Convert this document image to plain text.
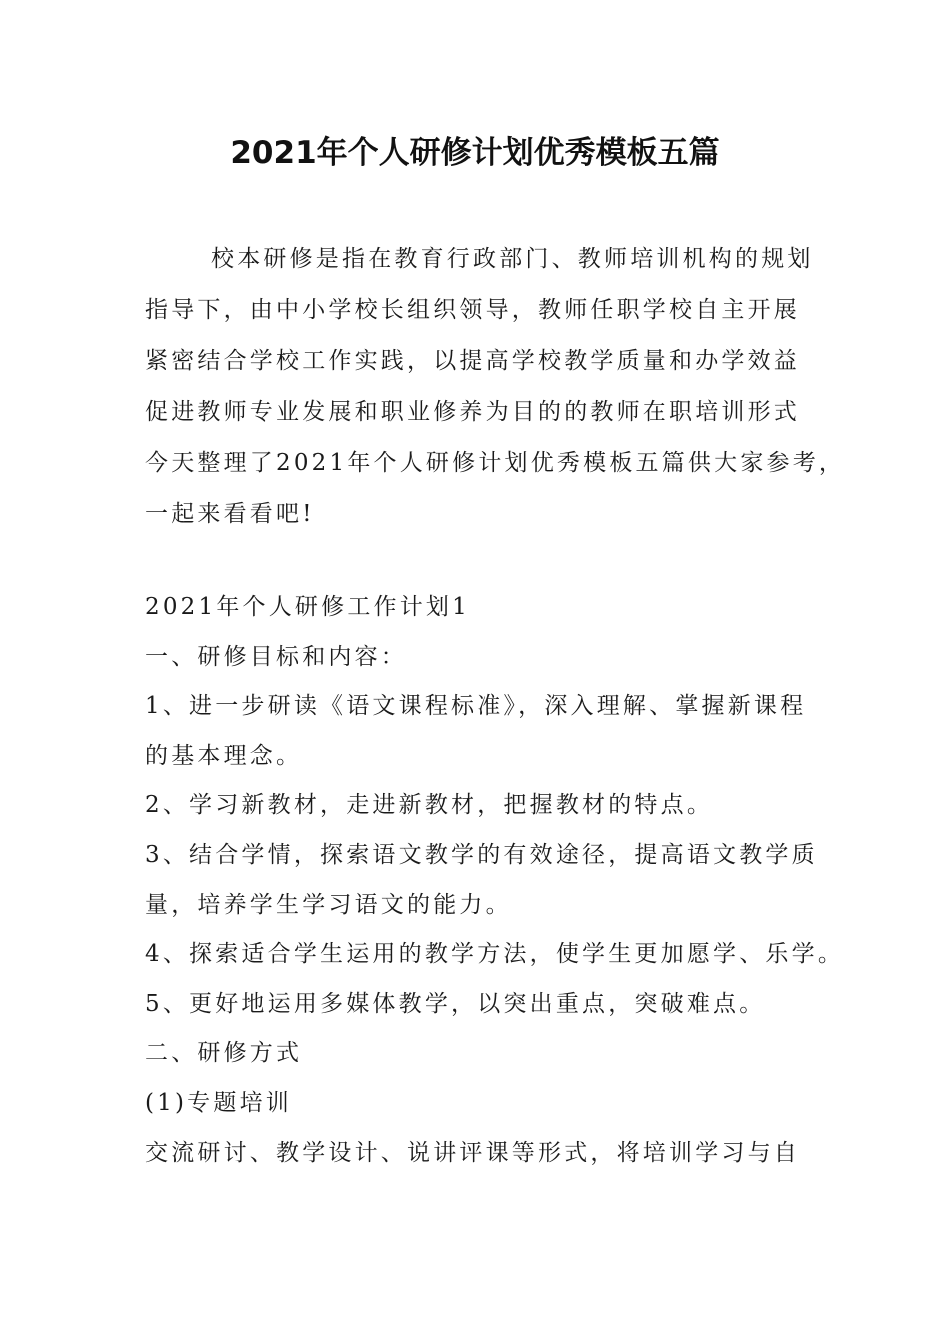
2021年个人研修计划优秀模板五篇
校本研修是指在教育行政部门、教师培训机构的规划
指导下，由中小学校长组织领导，教师任职学校自主开展
紧密结合学校工作实践，以提高学校教学质量和办学效益
促进教师专业发展和职业修养为目的的教师在职培训形式
今天整理了2021年个人研修计划优秀模板五篇供大家参考，
一起来看看吧!
2021年个人研修工作计划1
一、研修目标和内容：
1、进一步研读《语文课程标准》，深入理解、掌握新课程
的基本理念。
2、学习新教材，走进新教材，把握教材的特点。
3、结合学情，探索语文教学的有效途径，提高语文教学质
量，培养学生学习语文的能力。
4、探索适合学生运用的教学方法，使学生更加愿学、乐学。
5、更好地运用多媒体教学，以突出重点，突破难点。
二、研修方式
(1)专题培训
交流研讨、教学设计、说讲评课等形式，将培训学习与自
